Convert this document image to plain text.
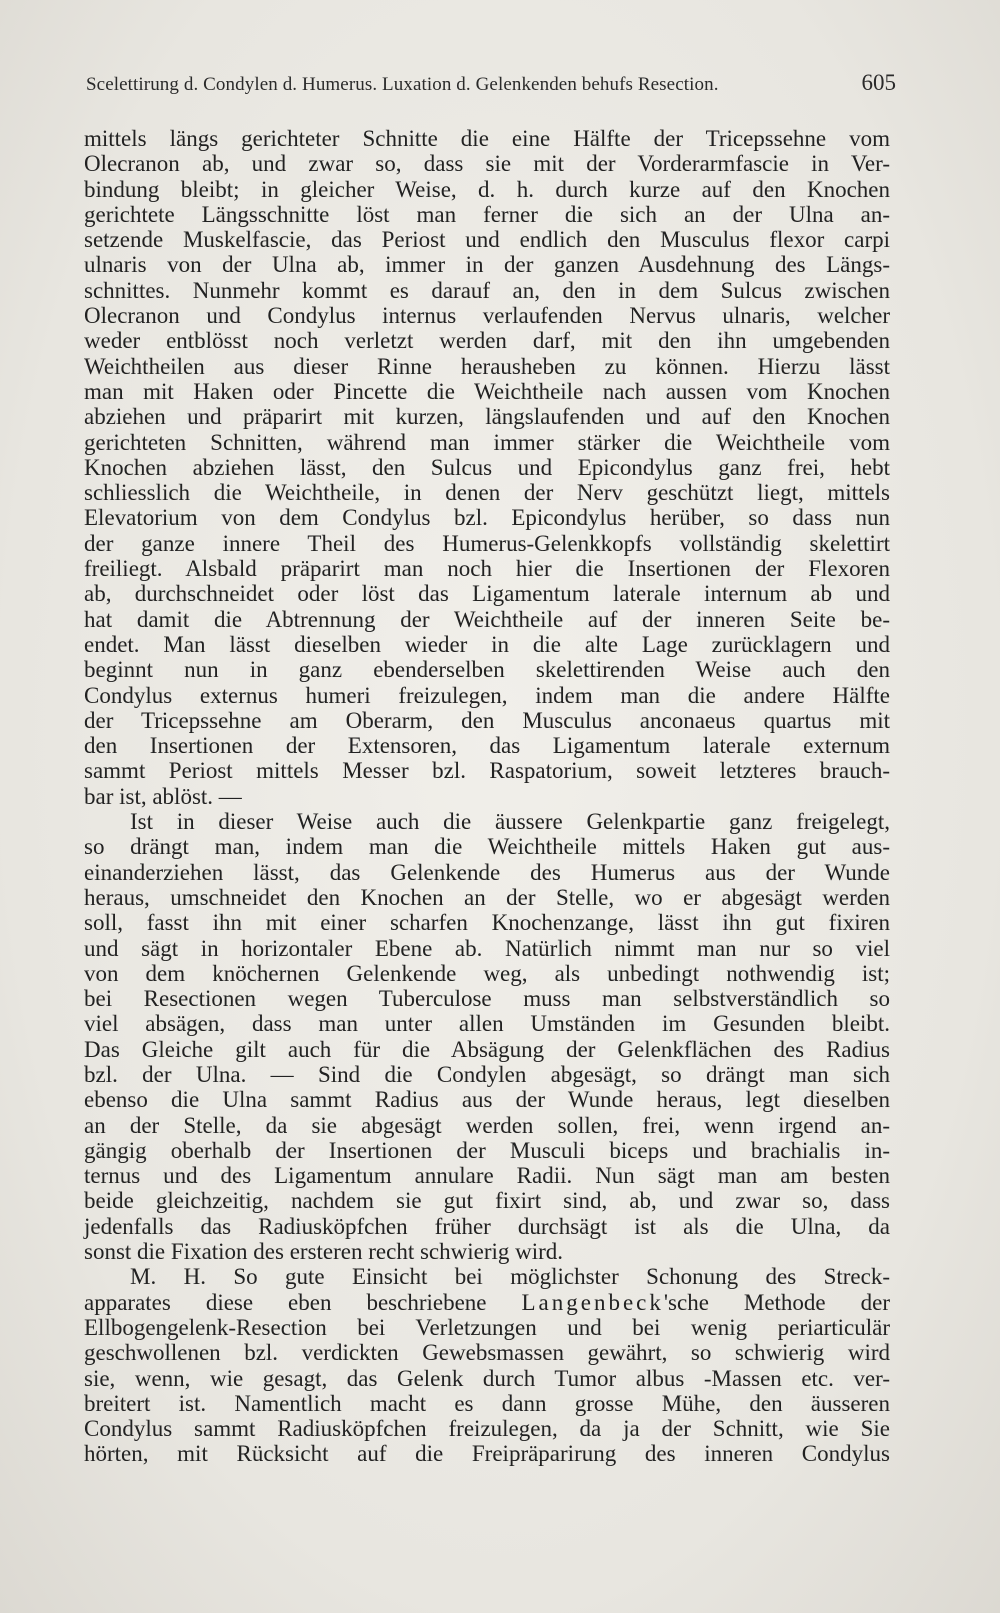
Scelettirung d. Condylen d. Humerus. Luxation d. Gelenkenden behufs Resection.	605
mittels längs gerichteter Schnitte die eine Hälfte der Tricepssehne vom
Olecranon ab, und zwar so, dass sie mit der Vorderarmfascie in Ver-
bindung bleibt; in gleicher Weise, d. h. durch kurze auf den Knochen
gerichtete Längsschnitte löst man ferner die sich an der Ulna an-
setzende Muskelfascie, das Periost und endlich den Musculus flexor carpi
ulnaris von der Ulna ab, immer in der ganzen Ausdehnung des Längs-
schnittes. Nunmehr kommt es darauf an, den in dem Sulcus zwischen
Olecranon und Condylus internus verlaufenden Nervus ulnaris, welcher
weder entblösst noch verletzt werden darf, mit den ihn umgebenden
Weichtheilen aus dieser Rinne herausheben zu können. Hierzu lässt
man mit Haken oder Pincette die Weichtheile nach aussen vom Knochen
abziehen und präparirt mit kurzen, längslaufenden und auf den Knochen
gerichteten Schnitten, während man immer stärker die Weichtheile vom
Knochen abziehen lässt, den Sulcus und Epicondylus ganz frei, hebt
schliesslich die Weichtheile, in denen der Nerv geschützt liegt, mittels
Elevatorium von dem Condylus bzl. Epicondylus herüber, so dass nun
der ganze innere Theil des Humerus-Gelenkkopfs vollständig skelettirt
freiliegt. Alsbald präparirt man noch hier die Insertionen der Flexoren
ab, durchschneidet oder löst das Ligamentum laterale internum ab und
hat damit die Abtrennung der Weichtheile auf der inneren Seite be-
endet. Man lässt dieselben wieder in die alte Lage zurücklagern und
beginnt nun in ganz ebenderselben skelettirenden Weise auch den
Condylus externus humeri freizulegen, indem man die andere Hälfte
der Tricepssehne am Oberarm, den Musculus anconaeus quartus mit
den Insertionen der Extensoren, das Ligamentum laterale externum
sammt Periost mittels Messer bzl. Raspatorium, soweit letzteres brauch-
bar ist, ablöst. —
Ist in dieser Weise auch die äussere Gelenkpartie ganz freigelegt,
so drängt man, indem man die Weichtheile mittels Haken gut aus-
einanderziehen lässt, das Gelenkende des Humerus aus der Wunde
heraus, umschneidet den Knochen an der Stelle, wo er abgesägt werden
soll, fasst ihn mit einer scharfen Knochenzange, lässt ihn gut fixiren
und sägt in horizontaler Ebene ab. Natürlich nimmt man nur so viel
von dem knöchernen Gelenkende weg, als unbedingt nothwendig ist;
bei Resectionen wegen Tuberculose muss man selbstverständlich so
viel absägen, dass man unter allen Umständen im Gesunden bleibt.
Das Gleiche gilt auch für die Absägung der Gelenkflächen des Radius
bzl. der Ulna. — Sind die Condylen abgesägt, so drängt man sich
ebenso die Ulna sammt Radius aus der Wunde heraus, legt dieselben
an der Stelle, da sie abgesägt werden sollen, frei, wenn irgend an-
gängig oberhalb der Insertionen der Musculi biceps und brachialis in-
ternus und des Ligamentum annulare Radii. Nun sägt man am besten
beide gleichzeitig, nachdem sie gut fixirt sind, ab, und zwar so, dass
jedenfalls das Radiusköpfchen früher durchsägt ist als die Ulna, da
sonst die Fixation des ersteren recht schwierig wird.
M. H. So gute Einsicht bei möglichster Schonung des Streck-
apparates diese eben beschriebene Langenbeck'sche Methode der
Ellbogengelenk-Resection bei Verletzungen und bei wenig periarticulär
geschwollenen bzl. verdickten Gewebsmassen gewährt, so schwierig wird
sie, wenn, wie gesagt, das Gelenk durch Tumor albus -Massen etc. ver-
breitert ist. Namentlich macht es dann grosse Mühe, den äusseren
Condylus sammt Radiusköpfchen freizulegen, da ja der Schnitt, wie Sie
hörten, mit Rücksicht auf die Freipräparirung des inneren Condylus
